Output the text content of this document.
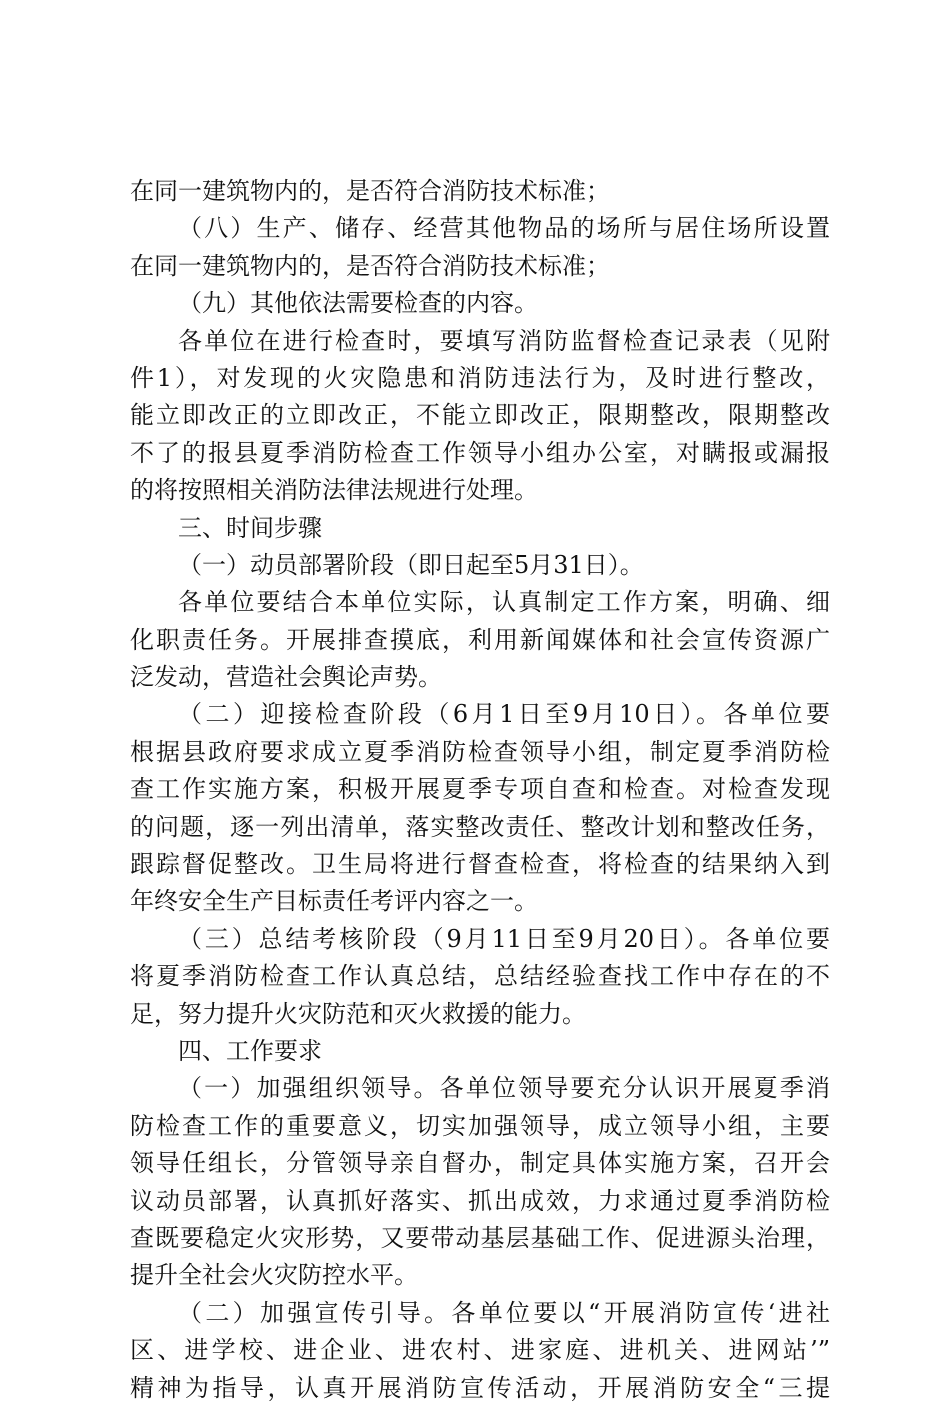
在同一建筑物内的，是否符合消防技术标准；
（八）生产、储存、经营其他物品的场所与居住场所设置
在同一建筑物内的，是否符合消防技术标准；
（九）其他依法需要检查的内容。
各单位在进行检查时，要填写消防监督检查记录表（见附
件1），对发现的火灾隐患和消防违法行为，及时进行整改，
能立即改正的立即改正，不能立即改正，限期整改，限期整改
不了的报县夏季消防检查工作领导小组办公室，对瞒报或漏报
的将按照相关消防法律法规进行处理。
三、时间步骤
（一）动员部署阶段（即日起至5月31日）。
各单位要结合本单位实际，认真制定工作方案，明确、细
化职责任务。开展排查摸底，利用新闻媒体和社会宣传资源广
泛发动，营造社会舆论声势。
（二）迎接检查阶段（6月1日至9月10日）。各单位要
根据县政府要求成立夏季消防检查领导小组，制定夏季消防检
查工作实施方案，积极开展夏季专项自查和检查。对检查发现
的问题，逐一列出清单，落实整改责任、整改计划和整改任务，
跟踪督促整改。卫生局将进行督查检查，将检查的结果纳入到
年终安全生产目标责任考评内容之一。
（三）总结考核阶段（9月11日至9月20日）。各单位要
将夏季消防检查工作认真总结，总结经验查找工作中存在的不
足，努力提升火灾防范和灭火救援的能力。
四、工作要求
（一）加强组织领导。各单位领导要充分认识开展夏季消
防检查工作的重要意义，切实加强领导，成立领导小组，主要
领导任组长，分管领导亲自督办，制定具体实施方案，召开会
议动员部署，认真抓好落实、抓出成效，力求通过夏季消防检
查既要稳定火灾形势，又要带动基层基础工作、促进源头治理，
提升全社会火灾防控水平。
（二）加强宣传引导。各单位要以“开展消防宣传‘进社
区、进学校、进企业、进农村、进家庭、进机关、进网站’”
精神为指导，认真开展消防宣传活动，开展消防安全“三提
